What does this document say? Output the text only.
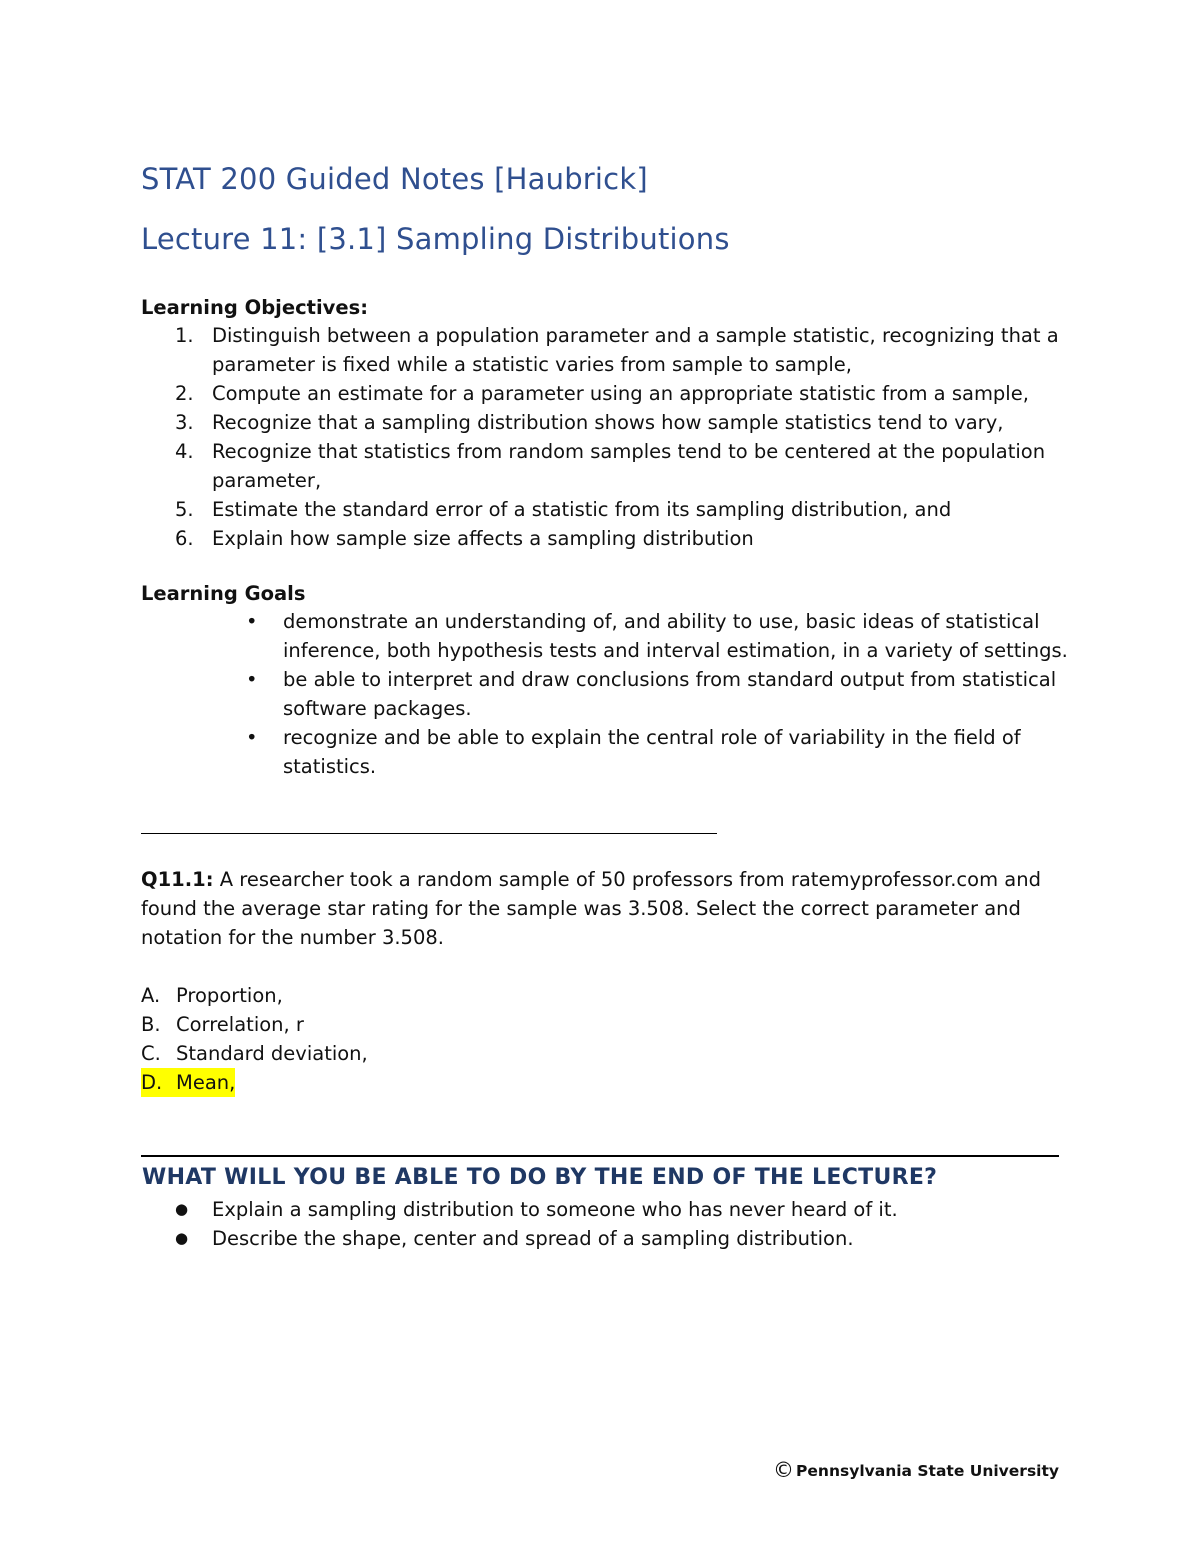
STAT 200 Guided Notes [Haubrick]
Lecture 11: [3.1] Sampling Distributions
Learning Objectives:
1. Distinguish between a population parameter and a sample statistic, recognizing that a
parameter is fixed while a statistic varies from sample to sample,
2. Compute an estimate for a parameter using an appropriate statistic from a sample,
3. Recognize that a sampling distribution shows how sample statistics tend to vary,
4. Recognize that statistics from random samples tend to be centered at the population
parameter,
5. Estimate the standard error of a statistic from its sampling distribution, and
6. Explain how sample size affects a sampling distribution
Learning Goals
•	demonstrate an understanding of, and ability to use, basic ideas of statistical
inference, both hypothesis tests and interval estimation, in a variety of settings.
•	be able to interpret and draw conclusions from standard output from statistical
software packages.
•	recognize and be able to explain the central role of variability in the field of
statistics.
Q11.1: A researcher took a random sample of 50 professors from ratemyprofessor.com and
found the average star rating for the sample was 3.508. Select the correct parameter and
notation for the number 3.508.
A. Proportion,
B. Correlation, r
C. Standard deviation,
D. Mean,
WHAT WILL YOU BE ABLE TO DO BY THE END OF THE LECTURE?
●	Explain a sampling distribution to someone who has never heard of it.
●	Describe the shape, center and spread of a sampling distribution.
© Pennsylvania State University
